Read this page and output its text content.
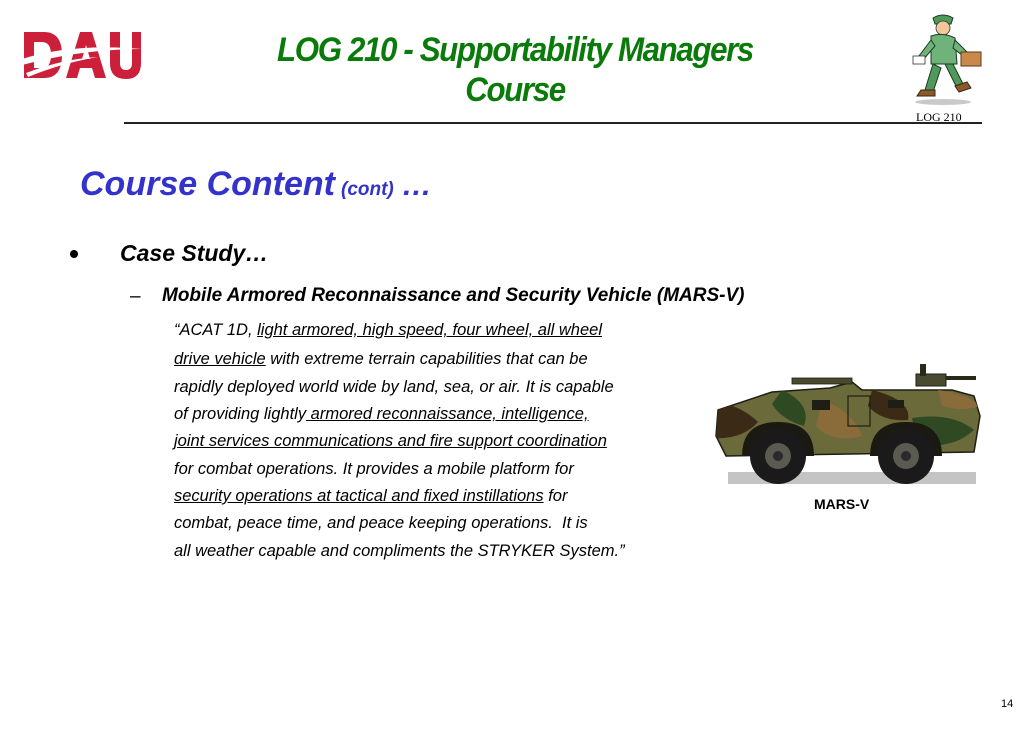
LOG 210 - Supportability Managers
Course
LOG 210
Course Content (cont) …
Case Study…
– Mobile Armored Reconnaissance and Security Vehicle (MARS-V)
“ACAT 1D, light armored, high speed, four wheel, all wheel
drive vehicle with extreme terrain capabilities that can be
rapidly deployed world wide by land, sea, or air. It is capable
of providing lightly armored reconnaissance, intelligence,
joint services communications and fire support coordination
for combat operations. It provides a mobile platform for
security operations at tactical and fixed instillations for
combat, peace time, and peace keeping operations.  It is
all weather capable and compliments the STRYKER System.”
MARS-V
14
